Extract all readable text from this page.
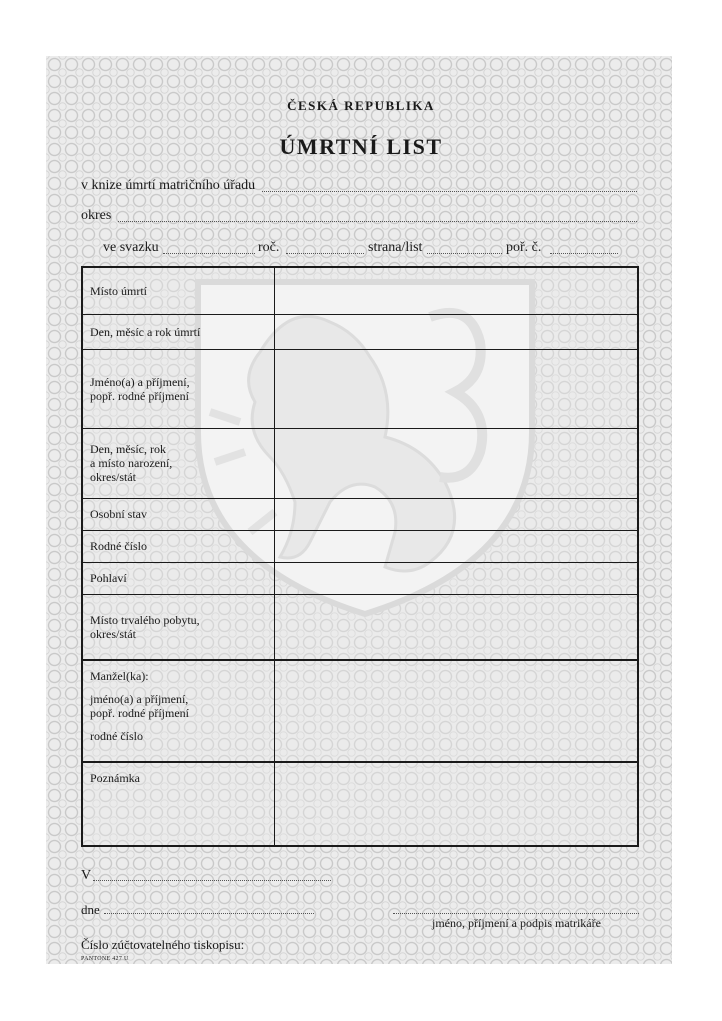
ČESKÁ REPUBLIKA
ÚMRTNÍ LIST
v knize úmrtí matričního úřadu
okres
ve svazku	roč.	strana/list	poř. č.
Místo úmrtí	

Den, měsíc a rok úmrtí	

Jméno(a) a příjmení,
popř. rodné příjmení	

Den, měsíc, rok
a místo narození,
okres/stát	

Osobní stav	

Rodné číslo	

Pohlaví	

Místo trvalého pobytu,
okres/stát	

Manžel(ka):
jméno(a) a příjmení,
popř. rodné příjmení
rodné číslo	

Poznámka	

V
dne
jméno, příjmení a podpis matrikáře
Číslo zúčtovatelného tiskopisu:
PANTONE 427 U
